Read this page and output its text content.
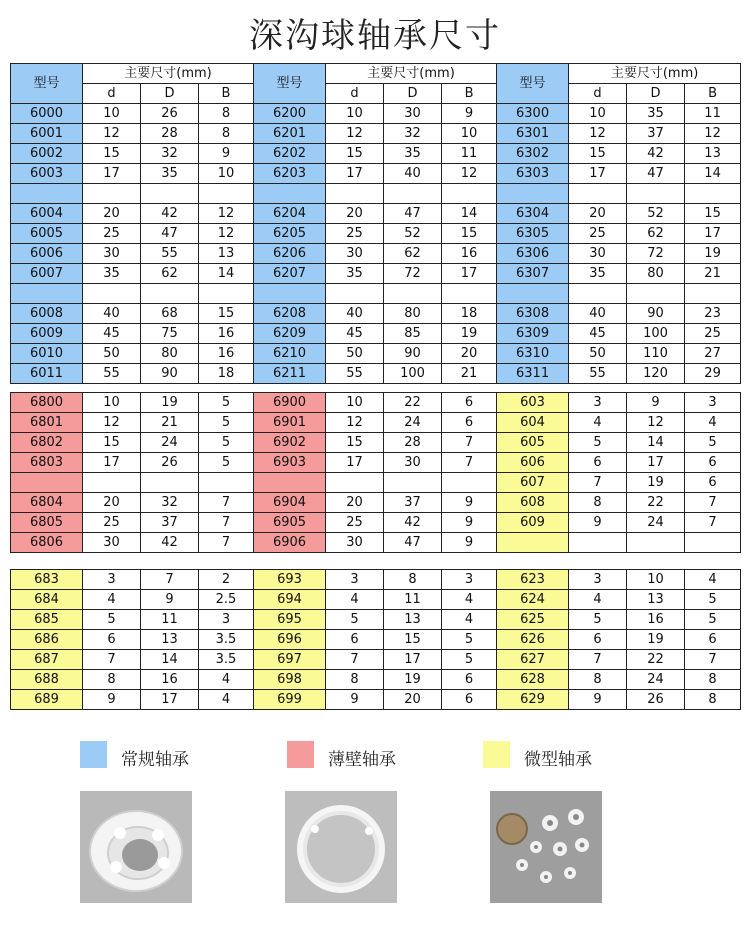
深沟球轴承尺寸
型号	主要尺寸(mm)			型号	主要尺寸(mm)			型号	主要尺寸(mm)		
	d	D	B		d	D	B		d	D	B
6000	10	26	8	6200	10	30	9	6300	10	35	11
6001	12	28	8	6201	12	32	10	6301	12	37	12
6002	15	32	9	6202	15	35	11	6302	15	42	13
6003	17	35	10	6203	17	40	12	6303	17	47	14

6004	20	42	12	6204	20	47	14	6304	20	52	15
6005	25	47	12	6205	25	52	15	6305	25	62	17
6006	30	55	13	6206	30	62	16	6306	30	72	19
6007	35	62	14	6207	35	72	17	6307	35	80	21

6008	40	68	15	6208	40	80	18	6308	40	90	23
6009	45	75	16	6209	45	85	19	6309	45	100	25
6010	50	80	16	6210	50	90	20	6310	50	110	27
6011	55	90	18	6211	55	100	21	6311	55	120	29
6800	10	19	5	6900	10	22	6	603	3	9	3
6801	12	21	5	6901	12	24	6	604	4	12	4
6802	15	24	5	6902	15	28	7	605	5	14	5
6803	17	26	5	6903	17	30	7	606	6	17	6
								607	7	19	6
6804	20	32	7	6904	20	37	9	608	8	22	7
6805	25	37	7	6905	25	42	9	609	9	24	7
6806	30	42	7	6906	30	47	9				
683	3	7	2	693	3	8	3	623	3	10	4
684	4	9	2.5	694	4	11	4	624	4	13	5
685	5	11	3	695	5	13	4	625	5	16	5
686	6	13	3.5	696	6	15	5	626	6	19	6
687	7	14	3.5	697	7	17	5	627	7	22	7
688	8	16	4	698	8	19	6	628	8	24	8
689	9	17	4	699	9	20	6	629	9	26	8
常规轴承	薄壁轴承	微型轴承
